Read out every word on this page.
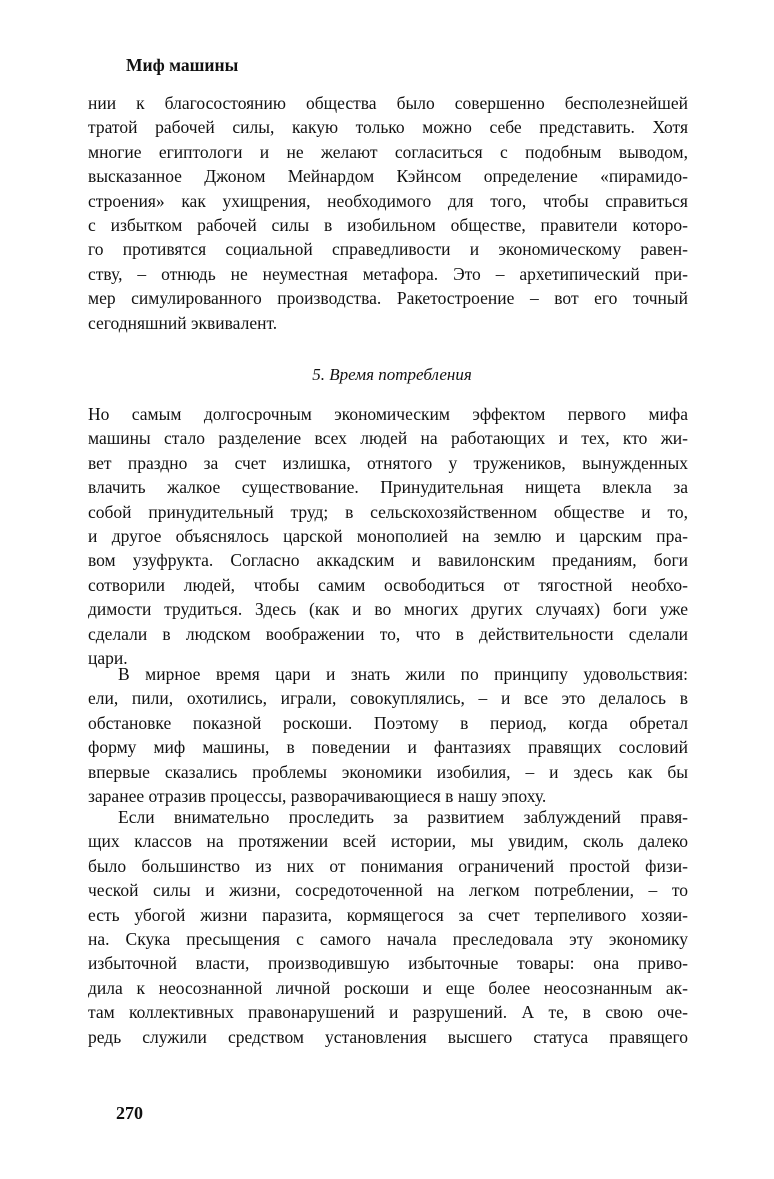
Миф машины
нии к благосостоянию общества было совершенно бесполезнейшей
тратой рабочей силы, какую только можно себе представить. Хотя
многие египтологи и не желают согласиться с подобным выводом,
высказанное Джоном Мейнардом Кэйнсом определение «пирамидо-
строения» как ухищрения, необходимого для того, чтобы справиться
с избытком рабочей силы в изобильном обществе, правители которо-
го противятся социальной справедливости и экономическому равен-
ству, – отнюдь не неуместная метафора. Это – архетипический при-
мер симулированного производства. Ракетостроение – вот его точный
сегодняшний эквивалент.
5. Время потребления
Но самым долгосрочным экономическим эффектом первого мифа
машины стало разделение всех людей на работающих и тех, кто жи-
вет праздно за счет излишка, отнятого у тружеников, вынужденных
влачить жалкое существование. Принудительная нищета влекла за
собой принудительный труд; в сельскохозяйственном обществе и то,
и другое объяснялось царской монополией на землю и царским пра-
вом узуфрукта. Согласно аккадским и вавилонским преданиям, боги
сотворили людей, чтобы самим освободиться от тягостной необхо-
димости трудиться. Здесь (как и во многих других случаях) боги уже
сделали в людском воображении то, что в действительности сделали
цари.
В мирное время цари и знать жили по принципу удовольствия:
ели, пили, охотились, играли, совокуплялись, – и все это делалось в
обстановке показной роскоши. Поэтому в период, когда обретал
форму миф машины, в поведении и фантазиях правящих сословий
впервые сказались проблемы экономики изобилия, – и здесь как бы
заранее отразив процессы, разворачивающиеся в нашу эпоху.
Если внимательно проследить за развитием заблуждений правя-
щих классов на протяжении всей истории, мы увидим, сколь далеко
было большинство из них от понимания ограничений простой физи-
ческой силы и жизни, сосредоточенной на легком потреблении, – то
есть убогой жизни паразита, кормящегося за счет терпеливого хозяи-
на. Скука пресыщения с самого начала преследовала эту экономику
избыточной власти, производившую избыточные товары: она приво-
дила к неосознанной личной роскоши и еще более неосознанным ак-
там коллективных правонарушений и разрушений. А те, в свою оче-
редь служили средством установления высшего статуса правящего
270
